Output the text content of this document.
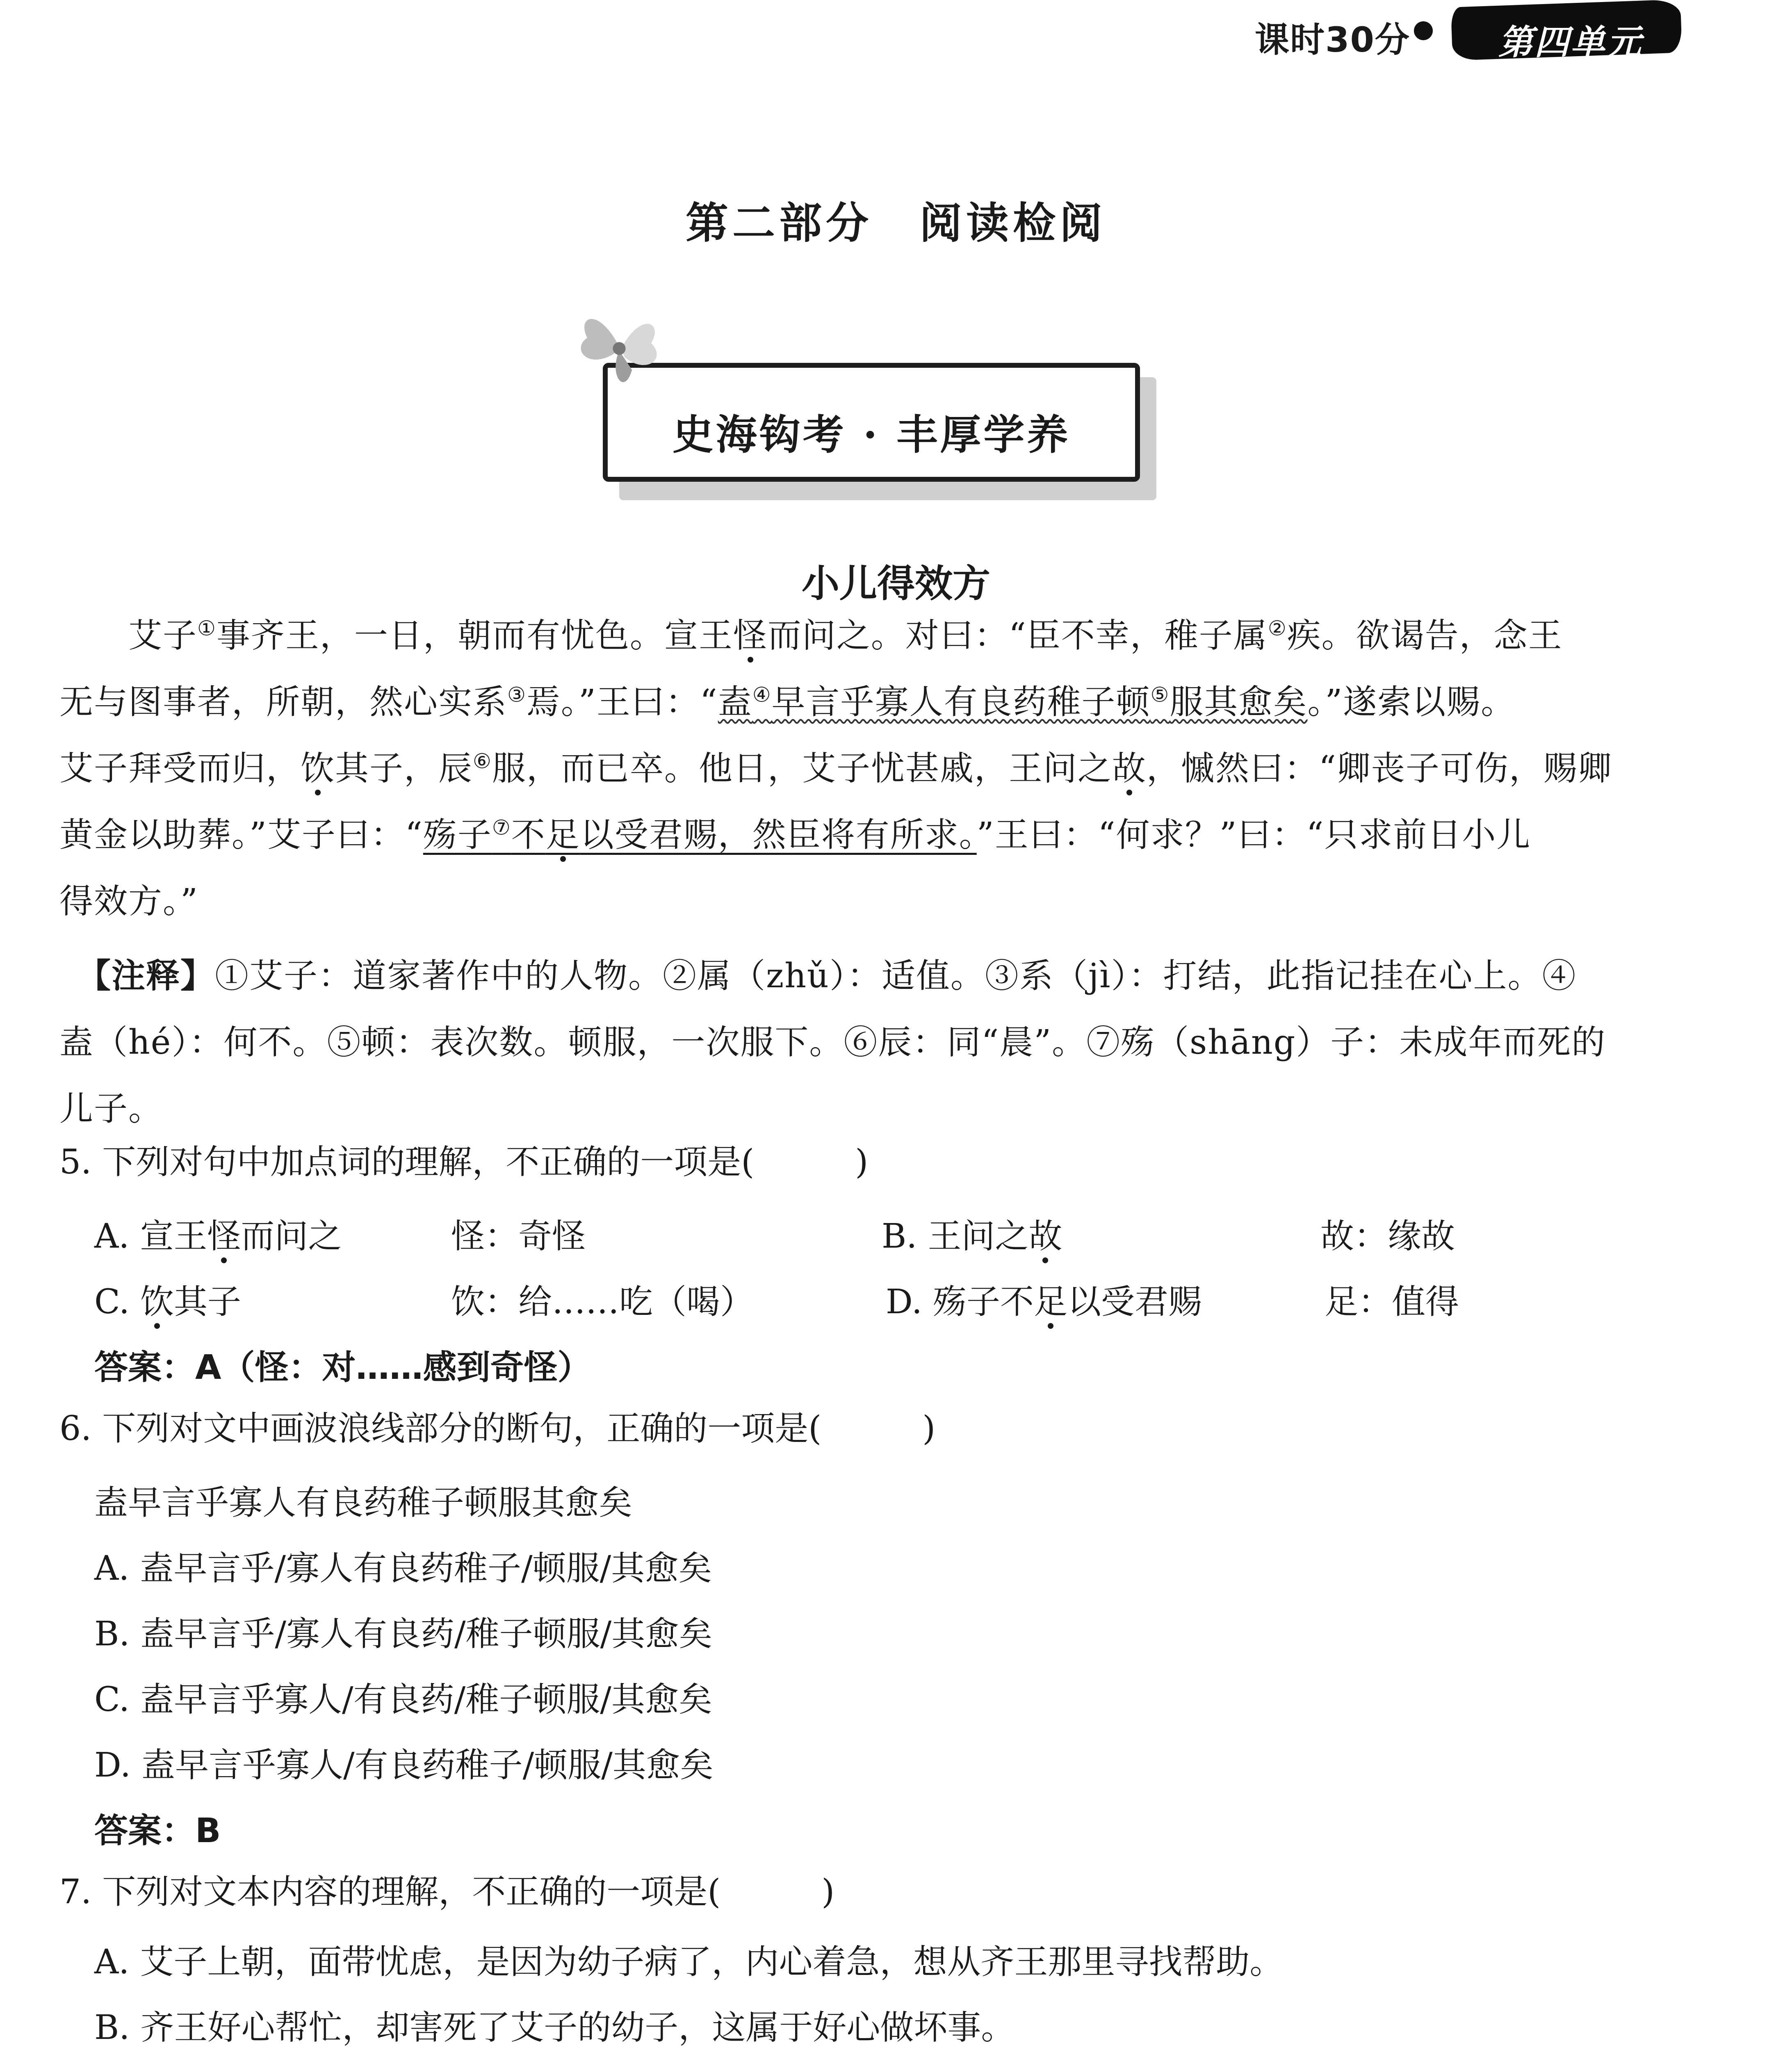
课时30分	第四单元
第二部分　阅读检阅
史海钩考 · 丰厚学养
小儿得效方

　　艾子①事齐王，一日，朝而有忧色。宣王怪而问之。对曰：“臣不幸，稚子属②疾。欲谒告，念王

无与图事者，所朝，然心实系③焉。”王曰：“盍④早言乎寡人有良药稚子顿⑤服其愈矣。”遂索以赐。

艾子拜受而归，饮其子，辰⑥服，而已卒。他日，艾子忧甚戚，王问之故，慽然曰：“卿丧子可伤，赐卿

黄金以助葬。”艾子曰：“殇子⑦不足以受君赐，然臣将有所求。”王曰：“何求？”曰：“只求前日小儿

得效方。”

　【注释】①艾子：道家著作中的人物。②属（zhǔ）：适值。③系（jì）：打结，此指记挂在心上。④

盍（hé）：何不。⑤顿：表次数。顿服，一次服下。⑥辰：同“晨”。⑦殇（shāng）子：未成年而死的

儿子。

5. 下列对句中加点词的理解，不正确的一项是(　　　)
A. 宣王怪而问之	怪：奇怪	B. 王问之故	故：缘故
C. 饮其子	饮：给……吃（喝）	D. 殇子不足以受君赐	足：值得
答案：A（怪：对……感到奇怪）
6. 下列对文中画波浪线部分的断句，正确的一项是(　　　)
盍早言乎寡人有良药稚子顿服其愈矣
A. 盍早言乎/寡人有良药稚子/顿服/其愈矣
B. 盍早言乎/寡人有良药/稚子顿服/其愈矣
C. 盍早言乎寡人/有良药/稚子顿服/其愈矣
D. 盍早言乎寡人/有良药稚子/顿服/其愈矣
答案：B
7. 下列对文本内容的理解，不正确的一项是(　　　)
A. 艾子上朝，面带忧虑，是因为幼子病了，内心着急，想从齐王那里寻找帮助。
B. 齐王好心帮忙，却害死了艾子的幼子，这属于好心做坏事。
